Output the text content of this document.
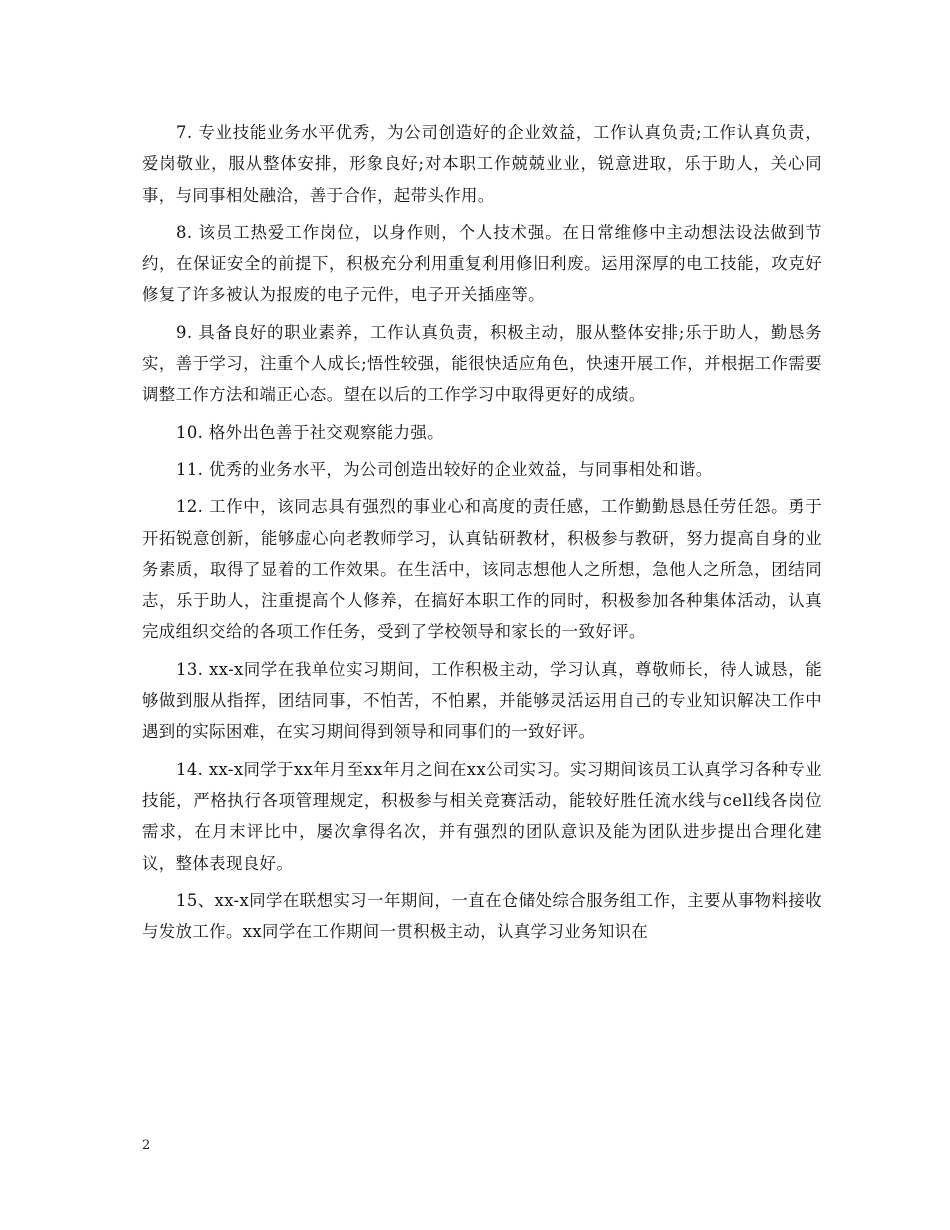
7. 专业技能业务水平优秀，为公司创造好的企业效益，工作认真负责;工作认真负责，爱岗敬业，服从整体安排，形象良好;对本职工作兢兢业业，锐意进取，乐于助人，关心同事，与同事相处融洽，善于合作，起带头作用。

8. 该员工热爱工作岗位，以身作则，个人技术强。在日常维修中主动想法设法做到节约，在保证安全的前提下，积极充分利用重复利用修旧利废。运用深厚的电工技能，攻克好修复了许多被认为报废的电子元件，电子开关插座等。

9. 具备良好的职业素养，工作认真负责，积极主动，服从整体安排;乐于助人，勤恳务实，善于学习，注重个人成长;悟性较强，能很快适应角色，快速开展工作，并根据工作需要调整工作方法和端正心态。望在以后的工作学习中取得更好的成绩。

10. 格外出色善于社交观察能力强。

11. 优秀的业务水平，为公司创造出较好的企业效益，与同事相处和谐。

12. 工作中，该同志具有强烈的事业心和高度的责任感，工作勤勤恳恳任劳任怨。勇于开拓锐意创新，能够虚心向老教师学习，认真钻研教材，积极参与教研，努力提高自身的业务素质，取得了显着的工作效果。在生活中，该同志想他人之所想，急他人之所急，团结同志，乐于助人，注重提高个人修养，在搞好本职工作的同时，积极参加各种集体活动，认真完成组织交给的各项工作任务，受到了学校领导和家长的一致好评。

13. xx-x同学在我单位实习期间，工作积极主动，学习认真，尊敬师长，待人诚恳，能够做到服从指挥，团结同事，不怕苦，不怕累，并能够灵活运用自己的专业知识解决工作中遇到的实际困难，在实习期间得到领导和同事们的一致好评。

14. xx-x同学于xx年月至xx年月之间在xx公司实习。实习期间该员工认真学习各种专业技能，严格执行各项管理规定，积极参与相关竞赛活动，能较好胜任流水线与cell线各岗位需求，在月末评比中，屡次拿得名次，并有强烈的团队意识及能为团队进步提出合理化建议，整体表现良好。

15、xx-x同学在联想实习一年期间，一直在仓储处综合服务组工作，主要从事物料接收与发放工作。xx同学在工作期间一贯积极主动，认真学习业务知识在

2
